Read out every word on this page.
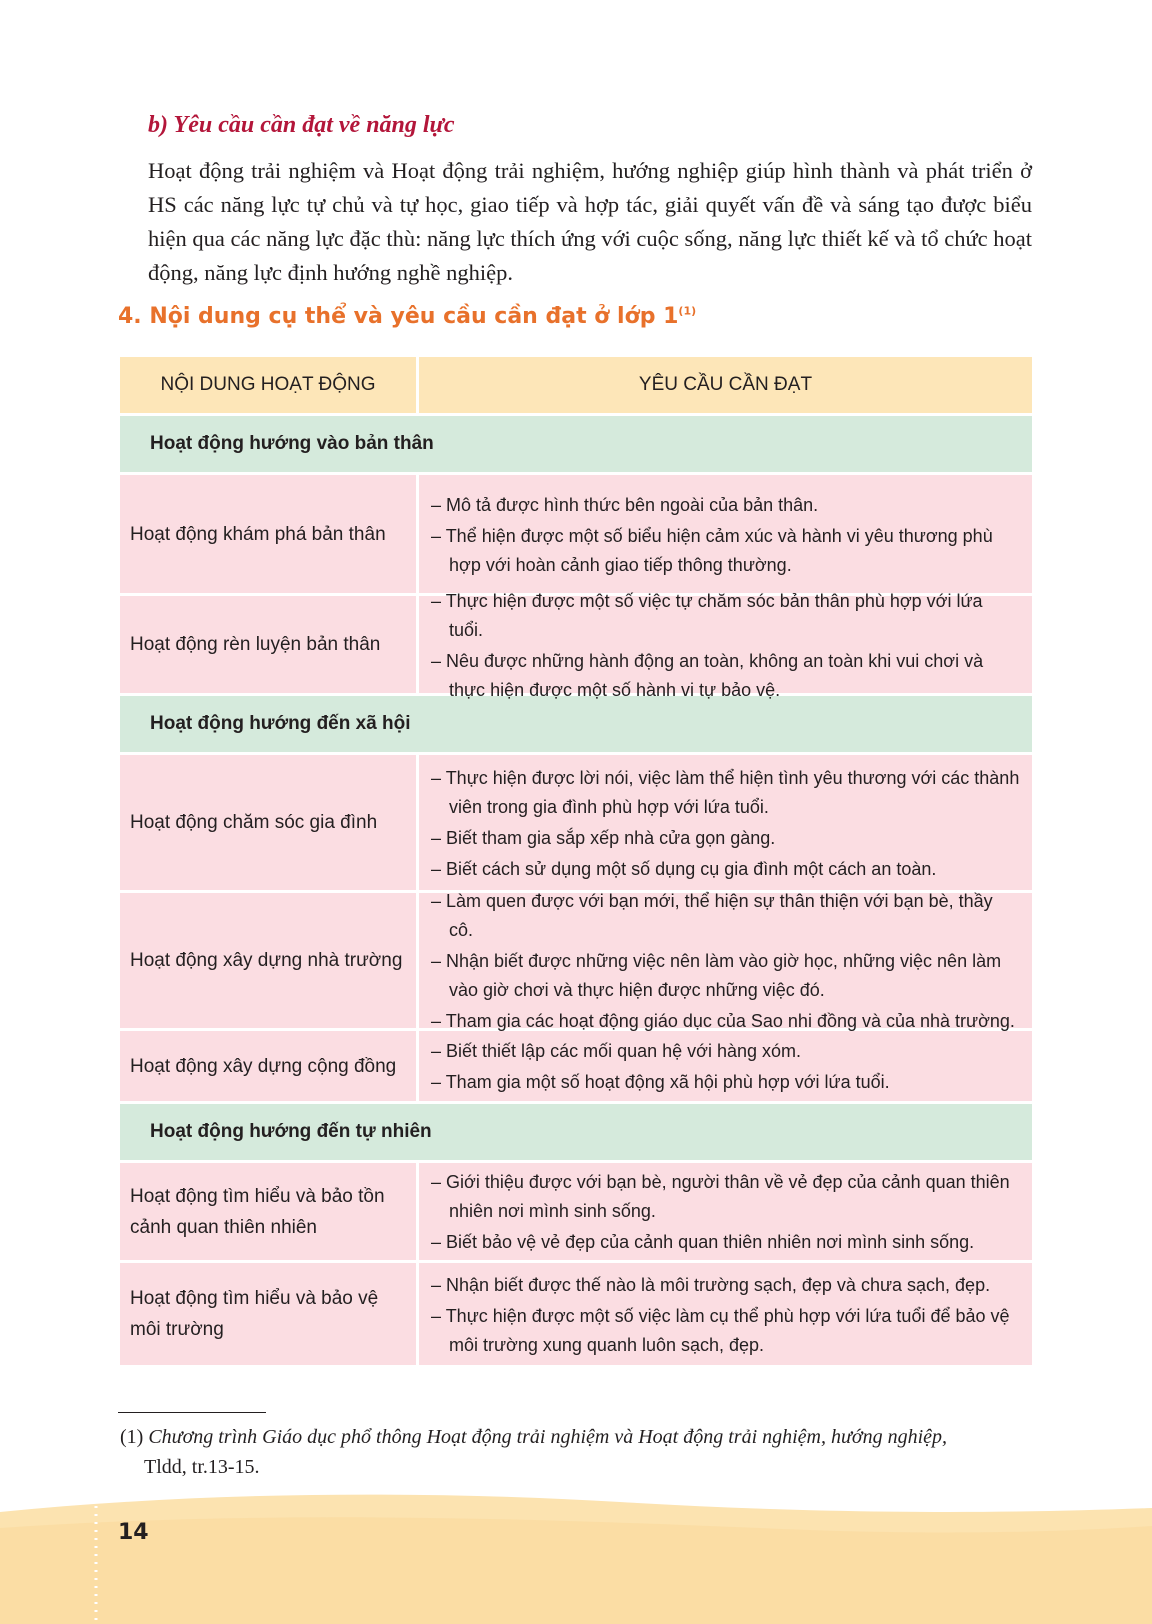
b) Yêu cầu cần đạt về năng lực

Hoạt động trải nghiệm và Hoạt động trải nghiệm, hướng nghiệp giúp hình thành và phát triển ở HS các năng lực tự chủ và tự học, giao tiếp và hợp tác, giải quyết vấn đề và sáng tạo được biểu hiện qua các năng lực đặc thù: năng lực thích ứng với cuộc sống, năng lực thiết kế và tổ chức hoạt động, năng lực định hướng nghề nghiệp.

4. Nội dung cụ thể và yêu cầu cần đạt ở lớp 1$^{(1)}$
NỘI DUNG HOẠT ĐỘNG	YÊU CẦU CẦN ĐẠT
Hoạt động hướng vào bản thân
Hoạt động khám phá bản thân
– Mô tả được hình thức bên ngoài của bản thân.
– Thể hiện được một số biểu hiện cảm xúc và hành vi yêu thương phù hợp với hoàn cảnh giao tiếp thông thường.
Hoạt động rèn luyện bản thân
– Thực hiện được một số việc tự chăm sóc bản thân phù hợp với lứa tuổi.
– Nêu được những hành động an toàn, không an toàn khi vui chơi và thực hiện được một số hành vi tự bảo vệ.
Hoạt động hướng đến xã hội
Hoạt động chăm sóc gia đình
– Thực hiện được lời nói, việc làm thể hiện tình yêu thương với các thành viên trong gia đình phù hợp với lứa tuổi.
– Biết tham gia sắp xếp nhà cửa gọn gàng.
– Biết cách sử dụng một số dụng cụ gia đình một cách an toàn.
Hoạt động xây dựng nhà trường
– Làm quen được với bạn mới, thể hiện sự thân thiện với bạn bè, thầy cô.
– Nhận biết được những việc nên làm vào giờ học, những việc nên làm vào giờ chơi và thực hiện được những việc đó.
– Tham gia các hoạt động giáo dục của Sao nhi đồng và của nhà trường.
Hoạt động xây dựng cộng đồng
– Biết thiết lập các mối quan hệ với hàng xóm.
– Tham gia một số hoạt động xã hội phù hợp với lứa tuổi.
Hoạt động hướng đến tự nhiên
Hoạt động tìm hiểu và bảo tồn cảnh quan thiên nhiên
– Giới thiệu được với bạn bè, người thân về vẻ đẹp của cảnh quan thiên nhiên nơi mình sinh sống.
– Biết bảo vệ vẻ đẹp của cảnh quan thiên nhiên nơi mình sinh sống.
Hoạt động tìm hiểu và bảo vệ môi trường
– Nhận biết được thế nào là môi trường sạch, đẹp và chưa sạch, đẹp.
– Thực hiện được một số việc làm cụ thể phù hợp với lứa tuổi để bảo vệ môi trường xung quanh luôn sạch, đẹp.

(1) Chương trình Giáo dục phổ thông Hoạt động trải nghiệm và Hoạt động trải nghiệm, hướng nghiệp,
Tldd, tr.13-15.

14
